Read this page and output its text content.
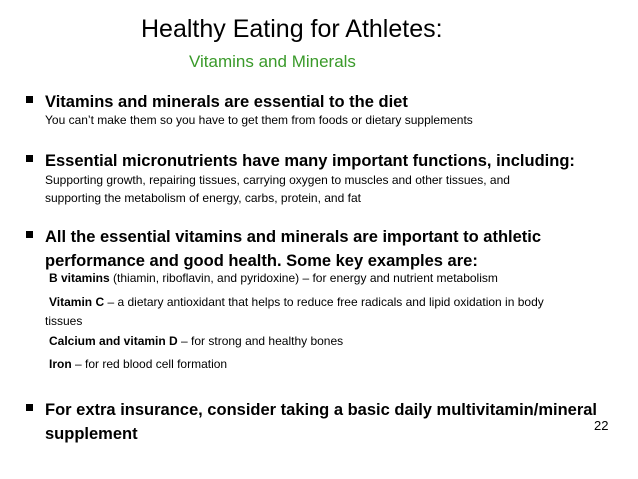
Healthy Eating for Athletes:
Vitamins and Minerals
Vitamins and minerals are essential to the diet
You can’t make them so you have to get them from foods or dietary supplements
Essential micronutrients have many important functions, including:
Supporting growth, repairing tissues, carrying oxygen to muscles and other tissues, and
supporting the metabolism of energy, carbs, protein, and fat
All the essential vitamins and minerals are important to athletic
performance and good health. Some key examples are:
B vitamins (thiamin, riboflavin, and pyridoxine) – for energy and nutrient metabolism
Vitamin C – a dietary antioxidant that helps to reduce free radicals and lipid oxidation in body
tissues
Calcium and vitamin D – for strong and healthy bones
Iron – for red blood cell formation
For extra insurance, consider taking a basic daily multivitamin/mineral
supplement	22
